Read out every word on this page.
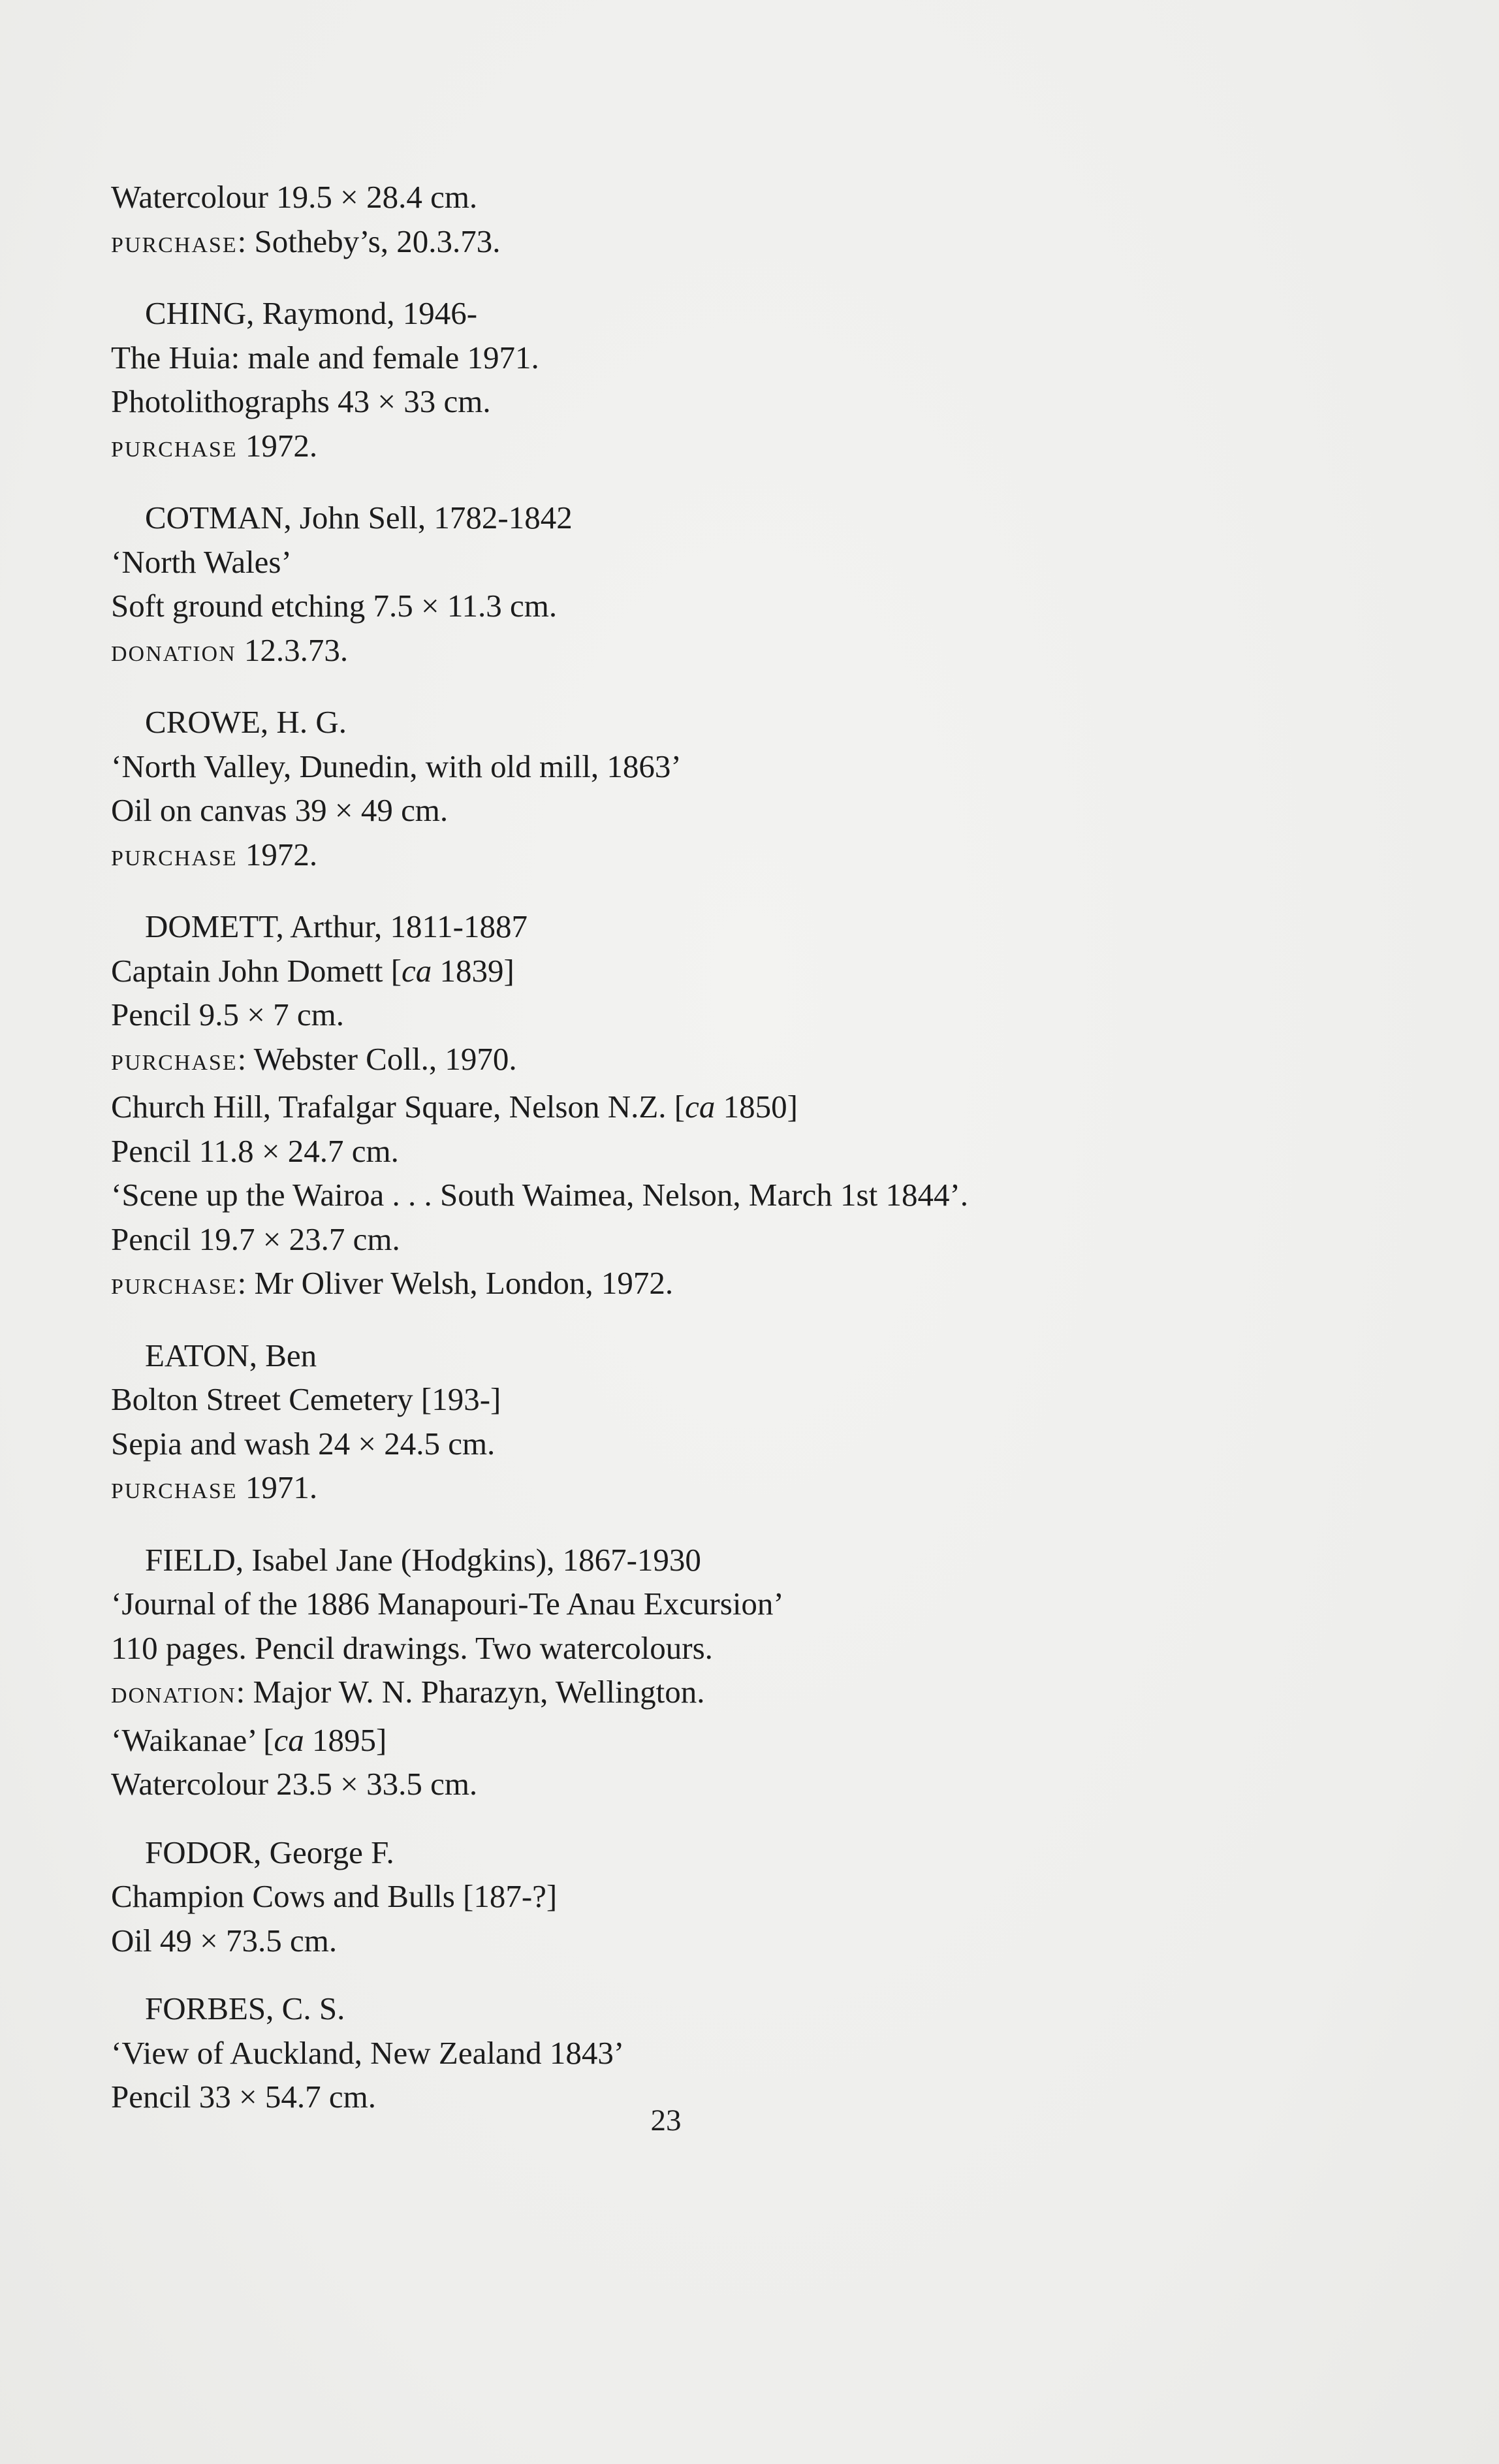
Watercolour 19.5 × 28.4 cm.
PURCHASE: Sotheby’s, 20.3.73.
CHING, Raymond, 1946-
The Huia: male and female 1971.
Photolithographs 43 × 33 cm.
PURCHASE 1972.
COTMAN, John Sell, 1782-1842
‘North Wales’
Soft ground etching 7.5 × 11.3 cm.
DONATION 12.3.73.
CROWE, H. G.
‘North Valley, Dunedin, with old mill, 1863’
Oil on canvas 39 × 49 cm.
PURCHASE 1972.
DOMETT, Arthur, 1811-1887
Captain John Domett [ca 1839]
Pencil 9.5 × 7 cm.
PURCHASE: Webster Coll., 1970.
Church Hill, Trafalgar Square, Nelson N.Z. [ca 1850]
Pencil 11.8 × 24.7 cm.
‘Scene up the Wairoa . . . South Waimea, Nelson, March 1st 1844’.
Pencil 19.7 × 23.7 cm.
PURCHASE: Mr Oliver Welsh, London, 1972.
EATON, Ben
Bolton Street Cemetery [193-]
Sepia and wash 24 × 24.5 cm.
PURCHASE 1971.
FIELD, Isabel Jane (Hodgkins), 1867-1930
‘Journal of the 1886 Manapouri-Te Anau Excursion’
110 pages. Pencil drawings. Two watercolours.
DONATION: Major W. N. Pharazyn, Wellington.
‘Waikanae’ [ca 1895]
Watercolour 23.5 × 33.5 cm.
FODOR, George F.
Champion Cows and Bulls [187-?]
Oil 49 × 73.5 cm.
FORBES, C. S.
‘View of Auckland, New Zealand 1843’
Pencil 33 × 54.7 cm.
23
